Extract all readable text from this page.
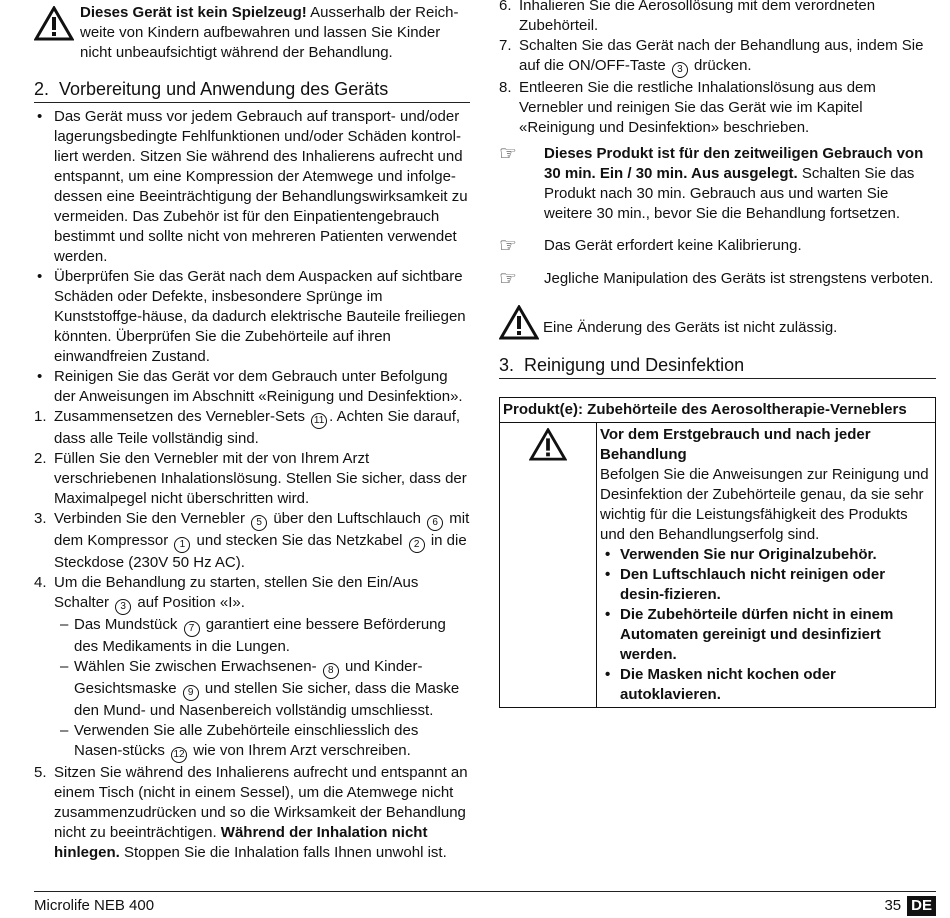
Dieses Gerät ist kein Spielzeug! Ausserhalb der Reich-weite von Kindern aufbewahren und lassen Sie Kinder nicht unbeaufsichtigt während der Behandlung.

2. Vorbereitung und Anwendung des Geräts
• Das Gerät muss vor jedem Gebrauch auf transport- und/oder lagerungsbedingte Fehlfunktionen und/oder Schäden kontrol-liert werden. Sitzen Sie während des Inhalierens aufrecht und entspannt, um eine Kompression der Atemwege und infolge-dessen eine Beeinträchtigung der Behandlungswirksamkeit zu vermeiden. Das Zubehör ist für den Einpatientengebrauch bestimmt und sollte nicht von mehreren Patienten verwendet werden.
• Überprüfen Sie das Gerät nach dem Auspacken auf sichtbare Schäden oder Defekte, insbesondere Sprünge im Kunststoffge-häuse, da dadurch elektrische Bauteile freiliegen könnten. Überprüfen Sie die Zubehörteile auf ihren einwandfreien Zustand.
• Reinigen Sie das Gerät vor dem Gebrauch unter Befolgung der Anweisungen im Abschnitt «Reinigung und Desinfektion».
1. Zusammensetzen des Vernebler-Sets 11 . Achten Sie darauf, dass alle Teile vollständig sind.
2. Füllen Sie den Vernebler mit der von Ihrem Arzt verschriebenen Inhalationslösung. Stellen Sie sicher, dass der Maximalpegel nicht überschritten wird.
3. Verbinden Sie den Vernebler 5 über den Luftschlauch 6 mit dem Kompressor 1 und stecken Sie das Netzkabel 2 in die Steckdose (230V 50 Hz AC).
4. Um die Behandlung zu starten, stellen Sie den Ein/Aus Schalter 3 auf Position «I».
– Das Mundstück 7 garantiert eine bessere Beförderung des Medikaments in die Lungen.
– Wählen Sie zwischen Erwachsenen- 8 und Kinder-Gesichtsmaske 9 und stellen Sie sicher, dass die Maske den Mund- und Nasenbereich vollständig umschliesst.
– Verwenden Sie alle Zubehörteile einschliesslich des Nasen-stücks 12 wie von Ihrem Arzt verschreiben.
5. Sitzen Sie während des Inhalierens aufrecht und entspannt an einem Tisch (nicht in einem Sessel), um die Atemwege nicht zusammenzudrücken und so die Wirksamkeit der Behandlung nicht zu beeinträchtigen. Während der Inhalation nicht hinlegen. Stoppen Sie die Inhalation falls Ihnen unwohl ist.
6. Inhalieren Sie die Aerosollösung mit dem verordneten Zubehörteil.
7. Schalten Sie das Gerät nach der Behandlung aus, indem Sie auf die ON/OFF-Taste 3 drücken.
8. Entleeren Sie die restliche Inhalationslösung aus dem Vernebler und reinigen Sie das Gerät wie im Kapitel «Reinigung und Desinfektion» beschrieben.
☞ Dieses Produkt ist für den zeitweiligen Gebrauch von 30 min. Ein / 30 min. Aus ausgelegt. Schalten Sie das Produkt nach 30 min. Gebrauch aus und warten Sie weitere 30 min., bevor Sie die Behandlung fortsetzen.

☞ Das Gerät erfordert keine Kalibrierung.

☞ Jegliche Manipulation des Geräts ist strengstens verboten.

Eine Änderung des Geräts ist nicht zulässig.

3. Reinigung und Desinfektion
Produkt(e): Zubehörteile des Aerosoltherapie-Verneblers

Vor dem Erstgebrauch und nach jeder Behandlung

Befolgen Sie die Anweisungen zur Reinigung und Desinfektion der Zubehörteile genau, da sie sehr wichtig für die Leistungsfähigkeit des Produkts und den Behandlungserfolg sind.

• Verwenden Sie nur Originalzubehör.
• Den Luftschlauch nicht reinigen oder desin-fizieren.
• Die Zubehörteile dürfen nicht in einem Automaten gereinigt und desinfiziert werden.
• Die Masken nicht kochen oder autoklavieren.
Microlife NEB 400	35 DE
